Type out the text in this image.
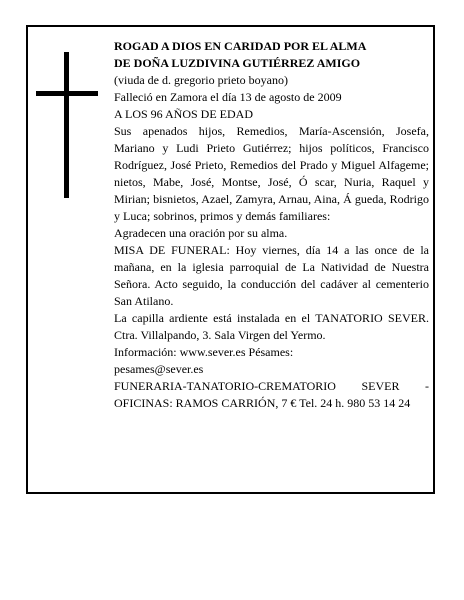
ROGAD A DIOS EN CARIDAD POR EL ALMA

DE DOÑA LUZDIVINA GUTIÉRREZ AMIGO

(viuda de d. gregorio prieto boyano)

Falleció en Zamora el día 13 de agosto de 2009

A LOS 96 AÑOS DE EDAD

Sus apenados hijos, Remedios, María-Ascensión, Josefa, Mariano y Ludi Prieto Gutiérrez; hijos políticos, Francisco Rodríguez, José Prieto, Remedios del Prado y Miguel Alfageme; nietos, Mabe, José, Montse, José, Ó scar, Nuria, Raquel y Mirian; bisnietos, Azael, Zamyra, Arnau, Aina, Á gueda, Rodrigo y Luca; sobrinos, primos y demás familiares:

Agradecen una oración por su alma.

MISA DE FUNERAL: Hoy viernes, día 14 a las once de la mañana, en la iglesia parroquial de La Natividad de Nuestra Señora. Acto seguido, la conducción del cadáver al cementerio San Atilano.

La capilla ardiente está instalada en el TANATORIO SEVER. Ctra. Villalpando, 3. Sala Virgen del Yermo.

Información: www.sever.es Pésames:

pesames@sever.es

FUNERARIA-TANATORIO-CREMATORIO SEVER - OFICINAS: RAMOS CARRIÓN, 7 € Tel. 24 h. 980 53 14 24
